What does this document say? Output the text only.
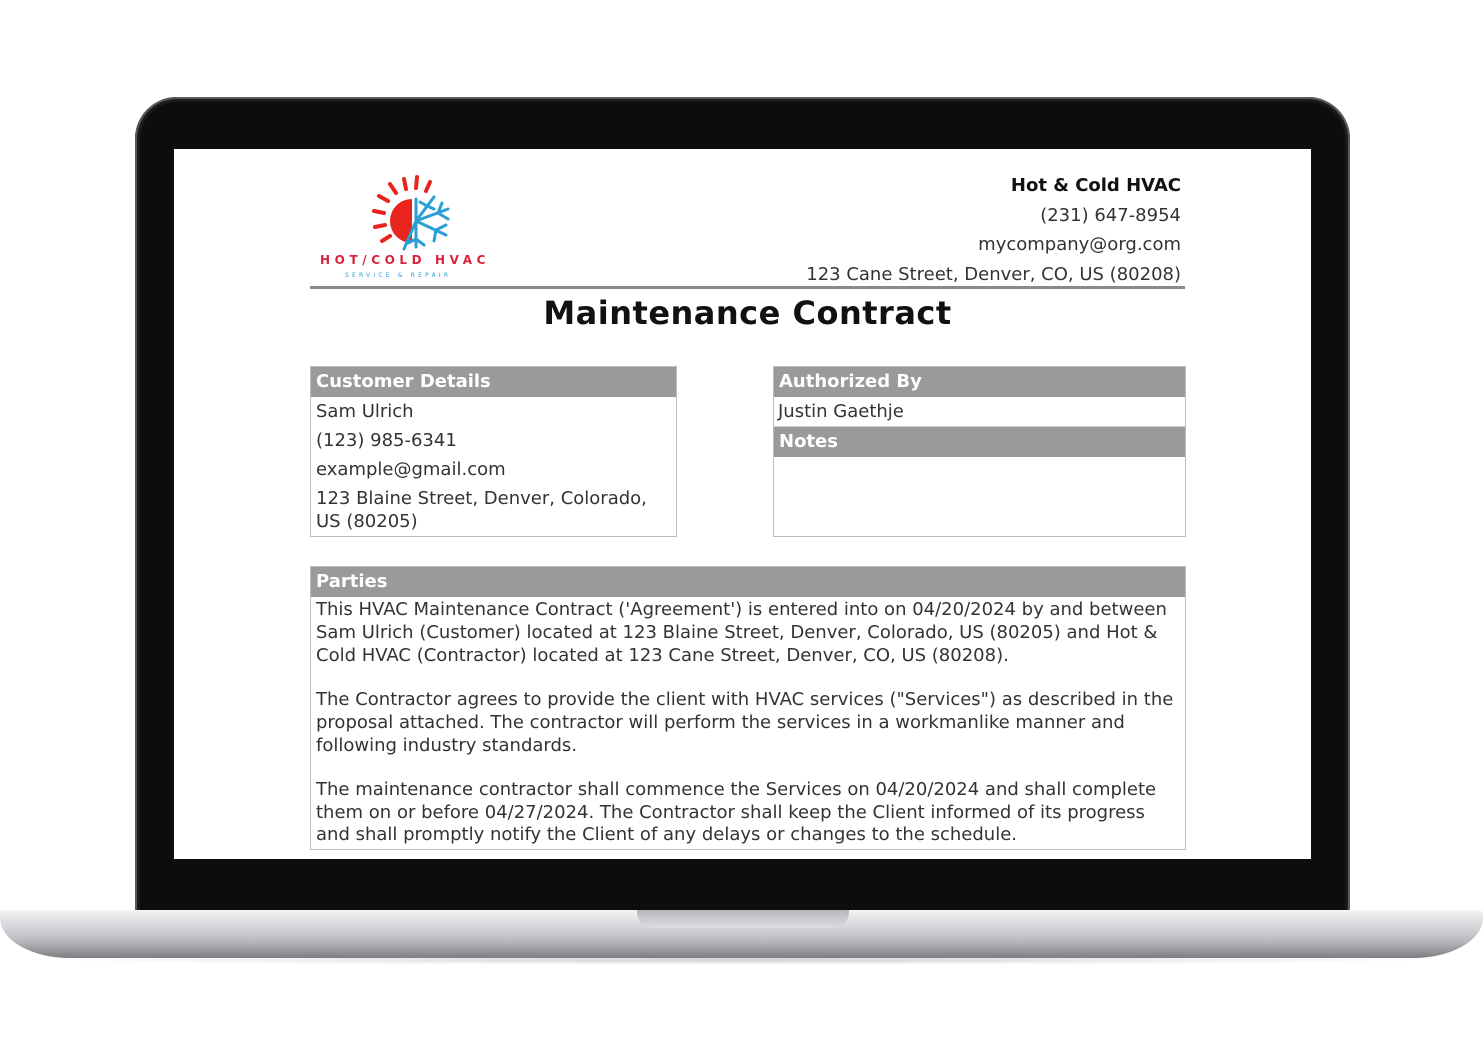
HOT/COLD HVAC
SERVICE & REPAIR
Hot & Cold HVAC
(231) 647-8954
mycompany@org.com
123 Cane Street, Denver, CO, US (80208)
Maintenance Contract
Customer Details
Sam Ulrich
(123) 985-6341
example@gmail.com
123 Blaine Street, Denver, Colorado, US (80205)
Authorized By
Justin Gaethje
Notes
Parties

This HVAC Maintenance Contract ('Agreement') is entered into on 04/20/2024 by and between Sam Ulrich (Customer) located at 123 Blaine Street, Denver, Colorado, US (80205) and Hot & Cold HVAC (Contractor) located at 123 Cane Street, Denver, CO, US (80208).

The Contractor agrees to provide the client with HVAC services ("Services") as described in the proposal attached. The contractor will perform the services in a workmanlike manner and following industry standards.

The maintenance contractor shall commence the Services on 04/20/2024 and shall complete them on or before 04/27/2024. The Contractor shall keep the Client informed of its progress and shall promptly notify the Client of any delays or changes to the schedule.
